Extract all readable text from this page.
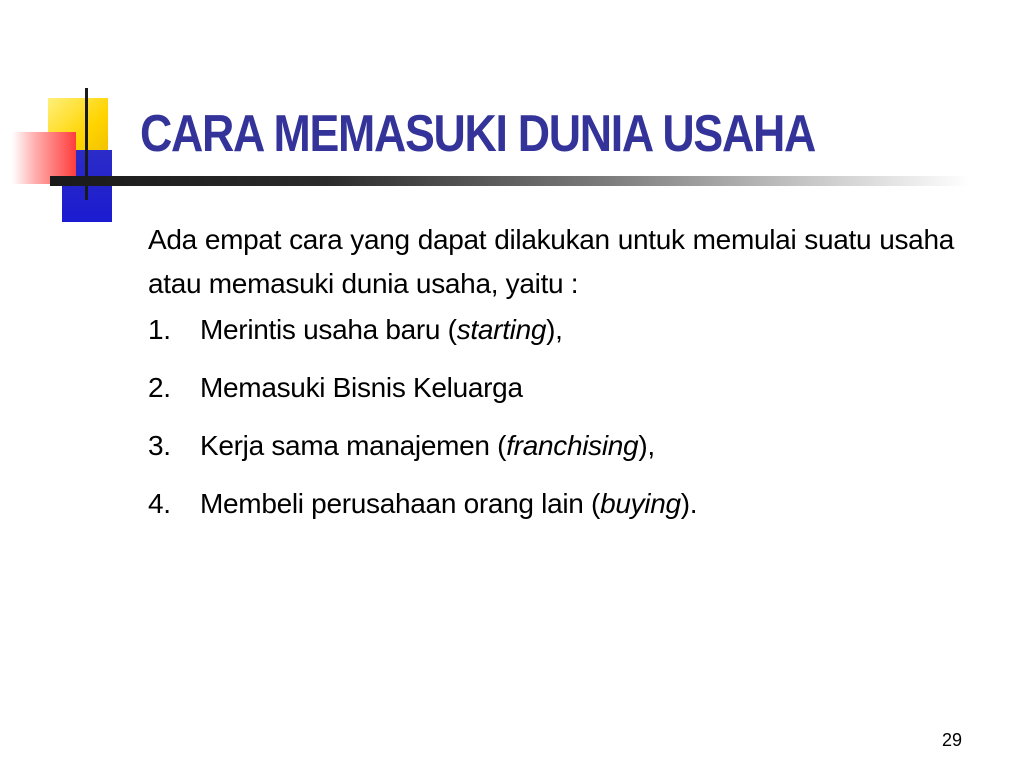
CARA MEMASUKI DUNIA USAHA

Ada empat cara yang dapat dilakukan untuk memulai suatu usaha atau memasuki dunia usaha, yaitu :

1 .	Merintis usaha baru (starting),
2 .	Memasuki Bisnis Keluarga
3 .	Kerja sama manajemen (franchising),
4 .	Membeli perusahaan orang lain (buying).
29
